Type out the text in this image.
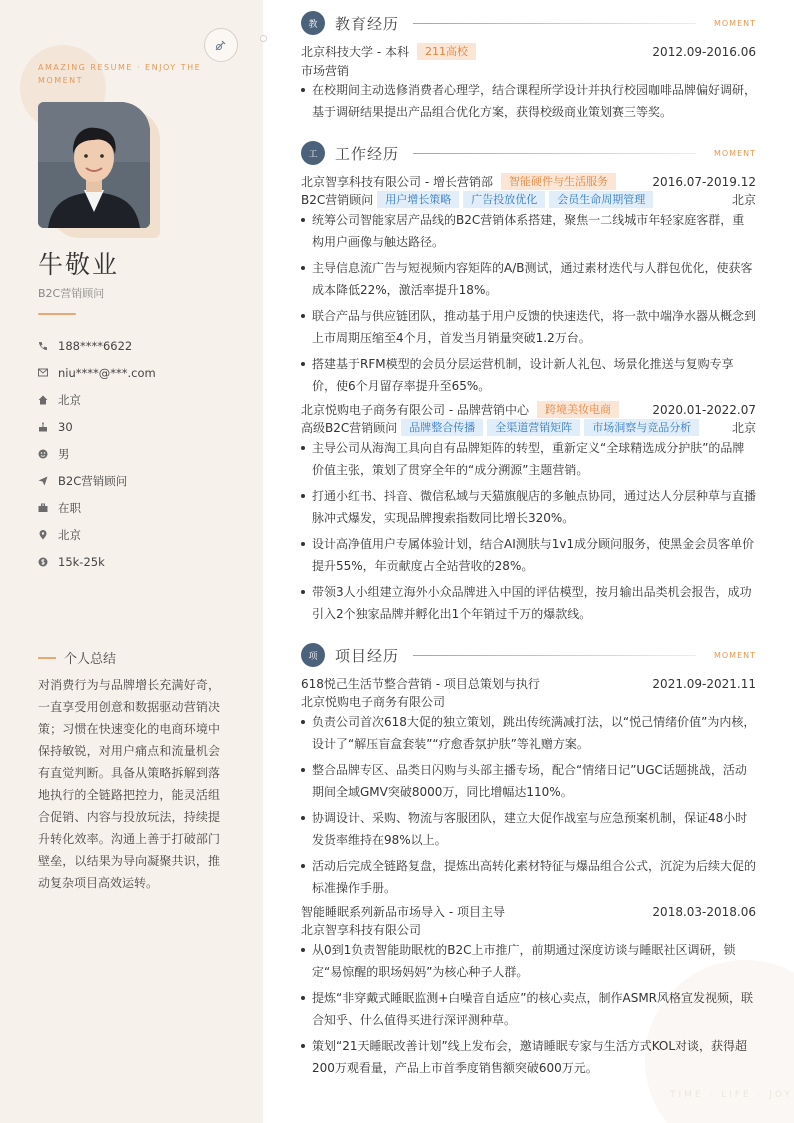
AMAZING RESUME · ENJOY THE MOMENT
牛敬业
B2C营销顾问
188****6622
niu****@***.com
北京
30
男
B2C营销顾问
在职
北京
15k-25k
个人总结
对消费行为与品牌增长充满好奇，一直享受用创意和数据驱动营销决策；习惯在快速变化的电商环境中保持敏锐，对用户痛点和流量机会有直觉判断。具备从策略拆解到落地执行的全链路把控力，能灵活组合促销、内容与投放玩法，持续提升转化效率。沟通上善于打破部门壁垒，以结果为导向凝聚共识，推动复杂项目高效运转。
TIME · LIFE · JOY
教	教育经历	MOMENT
北京科技大学 - 本科	211高校	2012.09-2016.06
市场营销
在校期间主动选修消费者心理学，结合课程所学设计并执行校园咖啡品牌偏好调研，基于调研结果提出产品组合优化方案，获得校级商业策划赛三等奖。
工	工作经历	MOMENT
北京智享科技有限公司 - 增长营销部	智能硬件与生活服务	2016.07-2019.12
B2C营销顾问	用户增长策略	广告投放优化	会员生命周期管理	北京
统筹公司智能家居产品线的B2C营销体系搭建，聚焦一二线城市年轻家庭客群，重构用户画像与触达路径。
主导信息流广告与短视频内容矩阵的A/B测试，通过素材迭代与人群包优化，使获客成本降低22%，激活率提升18%。
联合产品与供应链团队，推动基于用户反馈的快速迭代，将一款中端净水器从概念到上市周期压缩至4个月，首发当月销量突破1.2万台。
搭建基于RFM模型的会员分层运营机制，设计新人礼包、场景化推送与复购专享价，使6个月留存率提升至65%。
北京悦购电子商务有限公司 - 品牌营销中心	跨境美妆电商	2020.01-2022.07
高级B2C营销顾问	品牌整合传播	全渠道营销矩阵	市场洞察与竞品分析	北京
主导公司从海淘工具向自有品牌矩阵的转型，重新定义“全球精选成分护肤”的品牌价值主张，策划了贯穿全年的“成分溯源”主题营销。
打通小红书、抖音、微信私域与天猫旗舰店的多触点协同，通过达人分层种草与直播脉冲式爆发，实现品牌搜索指数同比增长320%。
设计高净值用户专属体验计划，结合AI测肤与1v1成分顾问服务，使黑金会员客单价提升55%，年贡献度占全站营收的28%。
带领3人小组建立海外小众品牌进入中国的评估模型，按月输出品类机会报告，成功引入2个独家品牌并孵化出1个年销过千万的爆款线。
项	项目经历	MOMENT
618悦己生活节整合营销 - 项目总策划与执行	2021.09-2021.11
北京悦购电子商务有限公司
负责公司首次618大促的独立策划，跳出传统满减打法，以“悦己情绪价值”为内核，设计了“解压盲盒套装”“疗愈香氛护肤”等礼赠方案。
整合品牌专区、品类日闪购与头部主播专场，配合“情绪日记”UGC话题挑战，活动期间全域GMV突破8000万，同比增幅达110%。
协调设计、采购、物流与客服团队，建立大促作战室与应急预案机制，保证48小时发货率维持在98%以上。
活动后完成全链路复盘，提炼出高转化素材特征与爆品组合公式，沉淀为后续大促的标准操作手册。
智能睡眠系列新品市场导入 - 项目主导	2018.03-2018.06
北京智享科技有限公司
从0到1负责智能助眠枕的B2C上市推广，前期通过深度访谈与睡眠社区调研，锁定“易惊醒的职场妈妈”为核心种子人群。
提炼“非穿戴式睡眠监测+白噪音自适应”的核心卖点，制作ASMR风格宣发视频，联合知乎、什么值得买进行深评测种草。
策划“21天睡眠改善计划”线上发布会，邀请睡眠专家与生活方式KOL对谈，获得超200万观看量，产品上市首季度销售额突破600万元。
